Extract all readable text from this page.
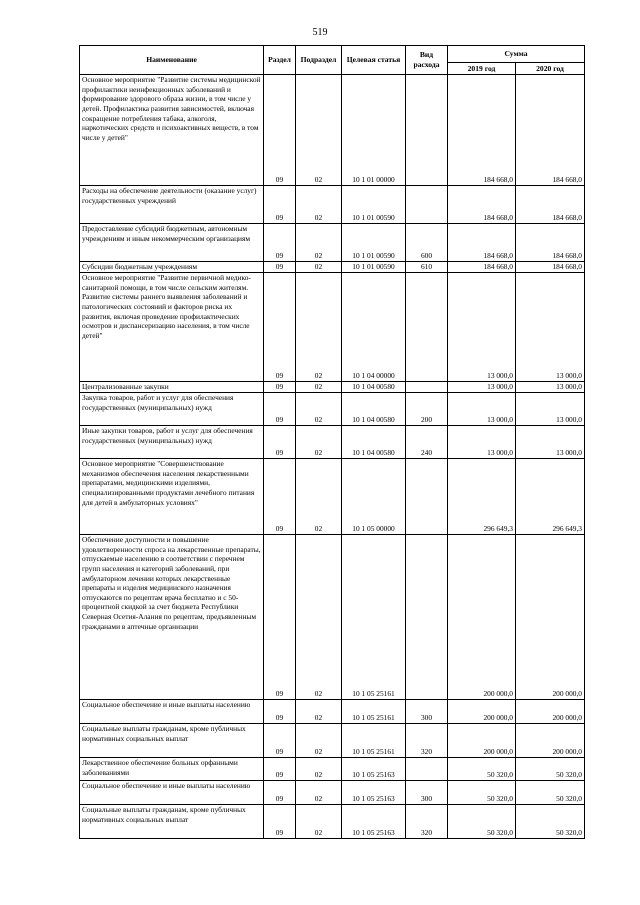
519
Наименование	Раздел	Подраздел	Целевая статья	Вид расхода	Сумма	
					2019 год	2020 год
Основное мероприятие "Развитие системы медицинской профилактики неинфекционных заболеваний и формирование здорового образа жизни, в том числе у детей. Профилактика развития зависимостей, включая сокращение потребления табака, алкоголя, наркотических средств и психоактивных веществ, в том числе у детей"	09	02	10 1 01 00000		184 668,0	184 668,0
Расходы на обеспечение деятельности (оказание услуг) государственных учреждений	09	02	10 1 01 00590		184 668,0	184 668,0
Предоставление субсидий бюджетным, автономным учреждениям и иным некоммерческим организациям	09	02	10 1 01 00590	600	184 668,0	184 668,0
Субсидии бюджетным учреждениям	09	02	10 1 01 00590	610	184 668,0	184 668,0
Основное мероприятие "Развитие первичной медико-санитарной помощи, в том числе сельским жителям. Развитие системы раннего выявления заболеваний и патологических состояний и факторов риска их развития, включая проведение профилактических осмотров и диспансеризацию населения, в том числе детей"	09	02	10 1 04 00000		13 000,0	13 000,0
Централизованные закупки	09	02	10 1 04 00580		13 000,0	13 000,0
Закупка товаров, работ и услуг для обеспечения государственных (муниципальных) нужд	09	02	10 1 04 00580	200	13 000,0	13 000,0
Иные закупки товаров, работ и услуг для обеспечения государственных (муниципальных) нужд	09	02	10 1 04 00580	240	13 000,0	13 000,0
Основное мероприятие "Совершенствование механизмов обеспечения населения лекарственными препаратами, медицинскими изделиями, специализированными продуктами лечебного питания для детей в амбулаторных условиях"	09	02	10 1 05 00000		296 649,3	296 649,3
Обеспечение доступности и повышение удовлетворенности спроса на лекарственные препараты, отпускаемые населению в соответствии с перечнем групп населения и категорий заболеваний, при амбулаторном лечении которых лекарственные препараты и изделия медицинского назначения отпускаются по рецептам врача бесплатно и с 50-процентной скидкой за счет бюджета Республики Северная Осетия-Алания по рецептам, предъявленным гражданами в аптечные организации	09	02	10 1 05 25161		200 000,0	200 000,0
Социальное обеспечение и иные выплаты населению	09	02	10 1 05 25161	300	200 000,0	200 000,0
Социальные выплаты гражданам, кроме публичных нормативных социальных выплат	09	02	10 1 05 25161	320	200 000,0	200 000,0
Лекарственное обеспечение больных орфанными заболеваниями	09	02	10 1 05 25163		50 320,0	50 320,0
Социальное обеспечение и иные выплаты населению	09	02	10 1 05 25163	300	50 320,0	50 320,0
Социальные выплаты гражданам, кроме публичных нормативных социальных выплат	09	02	10 1 05 25163	320	50 320,0	50 320,0
